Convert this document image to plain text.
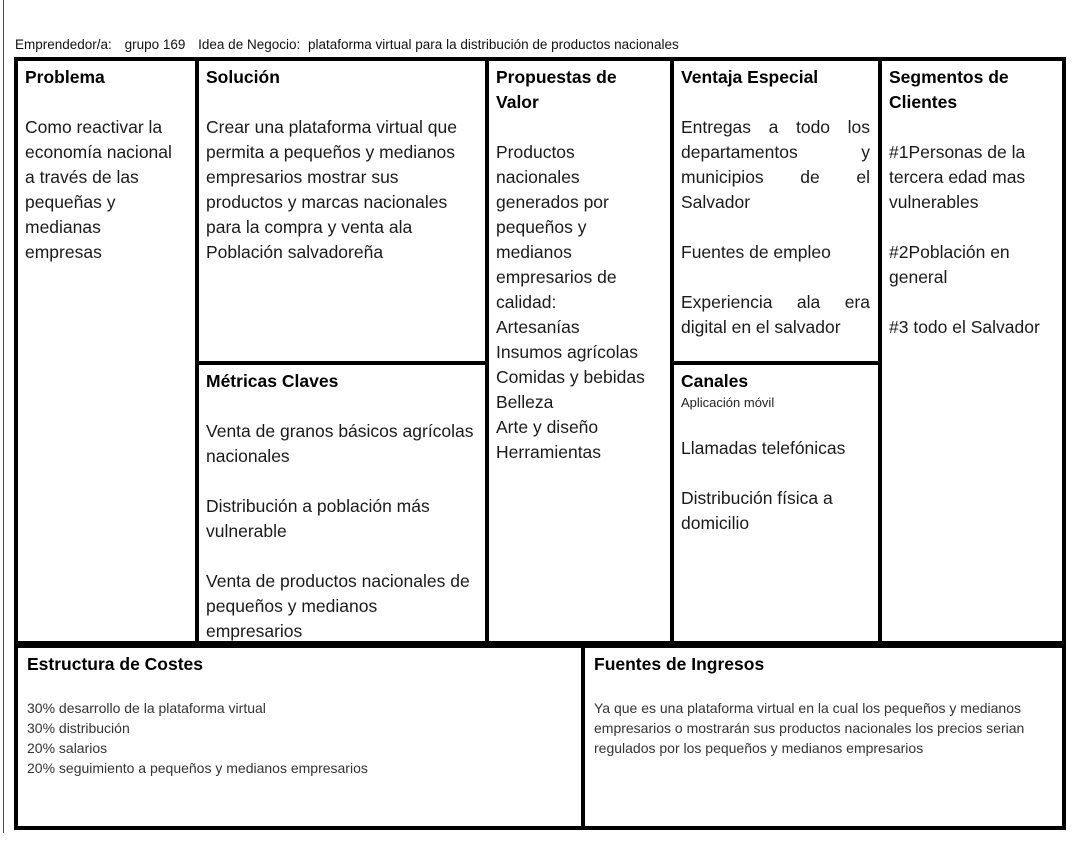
Emprendedor/a: grupo 169 Idea de Negocio: plataforma virtual para la distribución de productos nacionales
Problema
Como reactivar la economía nacional a través de las pequeñas y medianas empresas
Solución
Crear una plataforma virtual que permita a pequeños y medianos empresarios mostrar sus productos y marcas nacionales para la compra y venta ala Población salvadoreña
Métricas Claves
Venta de granos básicos agrícolas nacionales
Distribución a población más vulnerable
Venta de productos nacionales de pequeños y medianos empresarios
Propuestas de Valor
Productos nacionales generados por pequeños y medianos empresarios de calidad:
Artesanías
Insumos agrícolas
Comidas y bebidas
Belleza
Arte y diseño
Herramientas
Ventaja Especial
Entregas a todo los departamentos y municipios de el Salvador
Fuentes de empleo
Experiencia ala era digital en el salvador
Canales
Aplicación móvil
Llamadas telefónicas
Distribución física a domicilio
Segmentos de Clientes
#1Personas de la tercera edad mas vulnerables
#2Población en general
#3 todo el Salvador
Estructura de Costes
30% desarrollo de la plataforma virtual
30% distribución
20% salarios
20% seguimiento a pequeños y medianos empresarios
Fuentes de Ingresos
Ya que es una plataforma virtual en la cual los pequeños y medianos empresarios o mostrarán sus productos nacionales los precios serian regulados por los pequeños y medianos empresarios
